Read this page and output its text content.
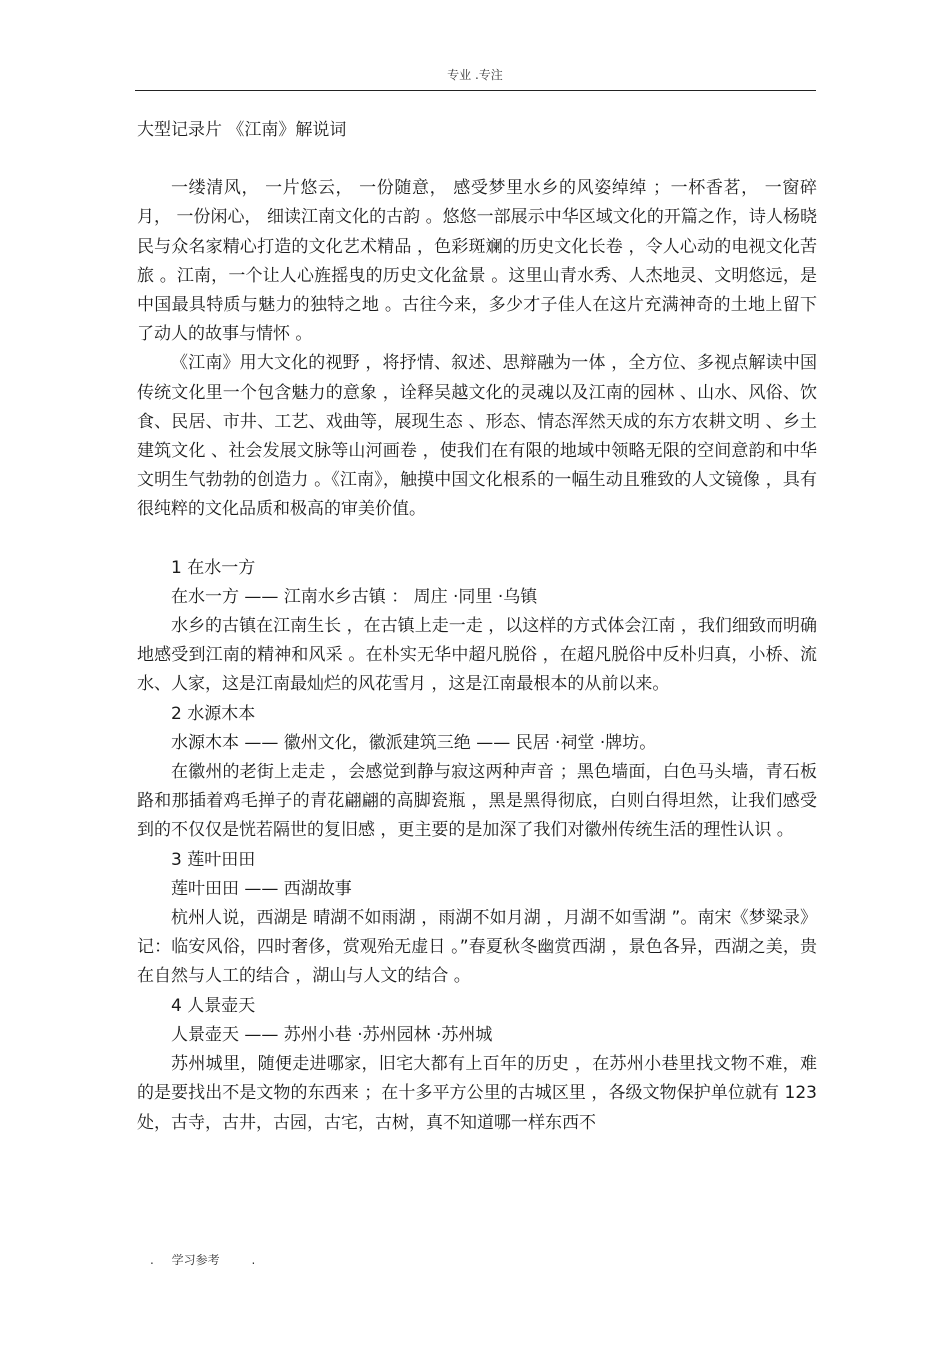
专业 .专注

大型记录片 《江南》解说词

一缕清风， 一片悠云， 一份随意， 感受梦里水乡的风姿绰绰 ；一杯香茗， 一窗碎月， 一份闲心， 细读江南文化的古韵 。悠悠一部展示中华区域文化的开篇之作，诗人杨晓民与众名家精心打造的文化艺术精品 ，色彩斑斓的历史文化长卷 ，令人心动的电视文化苦旅 。江南，一个让人心旌摇曳的历史文化盆景 。这里山青水秀、人杰地灵、文明悠远，是中国最具特质与魅力的独特之地 。古往今来，多少才子佳人在这片充满神奇的土地上留下了动人的故事与情怀 。

《江南》用大文化的视野 ，将抒情、叙述、思辩融为一体 ，全方位、多视点解读中国传统文化里一个包含魅力的意象 ，诠释吴越文化的灵魂以及江南的园林 、山水、风俗、饮食、民居、市井、工艺、戏曲等，展现生态 、形态、情态浑然天成的东方农耕文明 、乡土建筑文化 、社会发展文脉等山河画卷 ，使我们在有限的地域中领略无限的空间意韵和中华文明生气勃勃的创造力 。《江南》，触摸中国文化根系的一幅生动且雅致的人文镜像 ，具有很纯粹的文化品质和极高的审美价值。

1 在水一方

在水一方 —— 江南水乡古镇 ： 周庄 ·同里 ·乌镇

水乡的古镇在江南生长 ，在古镇上走一走 ，以这样的方式体会江南 ，我们细致而明确地感受到江南的精神和风采 。在朴实无华中超凡脱俗 ，在超凡脱俗中反朴归真，小桥、流水、人家，这是江南最灿烂的风花雪月 ，这是江南最根本的从前以来。

2 水源木本

水源木本 —— 徽州文化，徽派建筑三绝 —— 民居 ·祠堂 ·牌坊。

在徽州的老街上走走 ，会感觉到静与寂这两种声音 ；黑色墙面，白色马头墙，青石板路和那插着鸡毛掸子的青花翩翩的高脚瓷瓶 ，黑是黑得彻底，白则白得坦然，让我们感受到的不仅仅是恍若隔世的复旧感 ，更主要的是加深了我们对徽州传统生活的理性认识 。

3 莲叶田田

莲叶田田 —— 西湖故事

杭州人说，西湖是 晴湖不如雨湖 ，雨湖不如月湖 ，月湖不如雪湖 ”。南宋《梦粱录》记：临安风俗，四时奢侈，赏观殆无虚日 。”春夏秋冬幽赏西湖 ，景色各异，西湖之美，贵在自然与人工的结合 ，湖山与人文的结合 。

4 人景壶天

人景壶天 —— 苏州小巷 ·苏州园林 ·苏州城

苏州城里，随便走进哪家，旧宅大都有上百年的历史 ，在苏州小巷里找文物不难，难的是要找出不是文物的东西来 ；在十多平方公里的古城区里 ，各级文物保护单位就有 123 处，古寺，古井，古园，古宅，古树，真不知道哪一样东西不

. 学习参考	.
